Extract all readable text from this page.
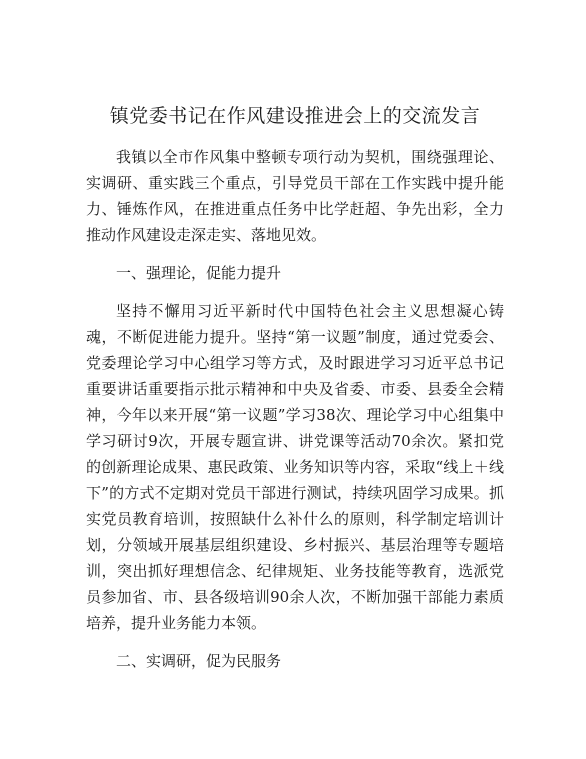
镇党委书记在作风建设推进会上的交流发言

我镇以全市作风集中整顿专项行动为契机，围绕强理论、实调研、重实践三个重点，引导党员干部在工作实践中提升能力、锤炼作风，在推进重点任务中比学赶超、争先出彩，全力推动作风建设走深走实、落地见效。

一、强理论，促能力提升

坚持不懈用习近平新时代中国特色社会主义思想凝心铸魂，不断促进能力提升。坚持“第一议题”制度，通过党委会、党委理论学习中心组学习等方式，及时跟进学习习近平总书记重要讲话重要指示批示精神和中央及省委、市委、县委全会精神，今年以来开展“第一议题”学习38次、理论学习中心组集中学习研讨9次，开展专题宣讲、讲党课等活动70余次。紧扣党的创新理论成果、惠民政策、业务知识等内容，采取“线上＋线下”的方式不定期对党员干部进行测试，持续巩固学习成果。抓实党员教育培训，按照缺什么补什么的原则，科学制定培训计划，分领域开展基层组织建设、乡村振兴、基层治理等专题培训，突出抓好理想信念、纪律规矩、业务技能等教育，选派党员参加省、市、县各级培训90余人次，不断加强干部能力素质培养，提升业务能力本领。

二、实调研，促为民服务
